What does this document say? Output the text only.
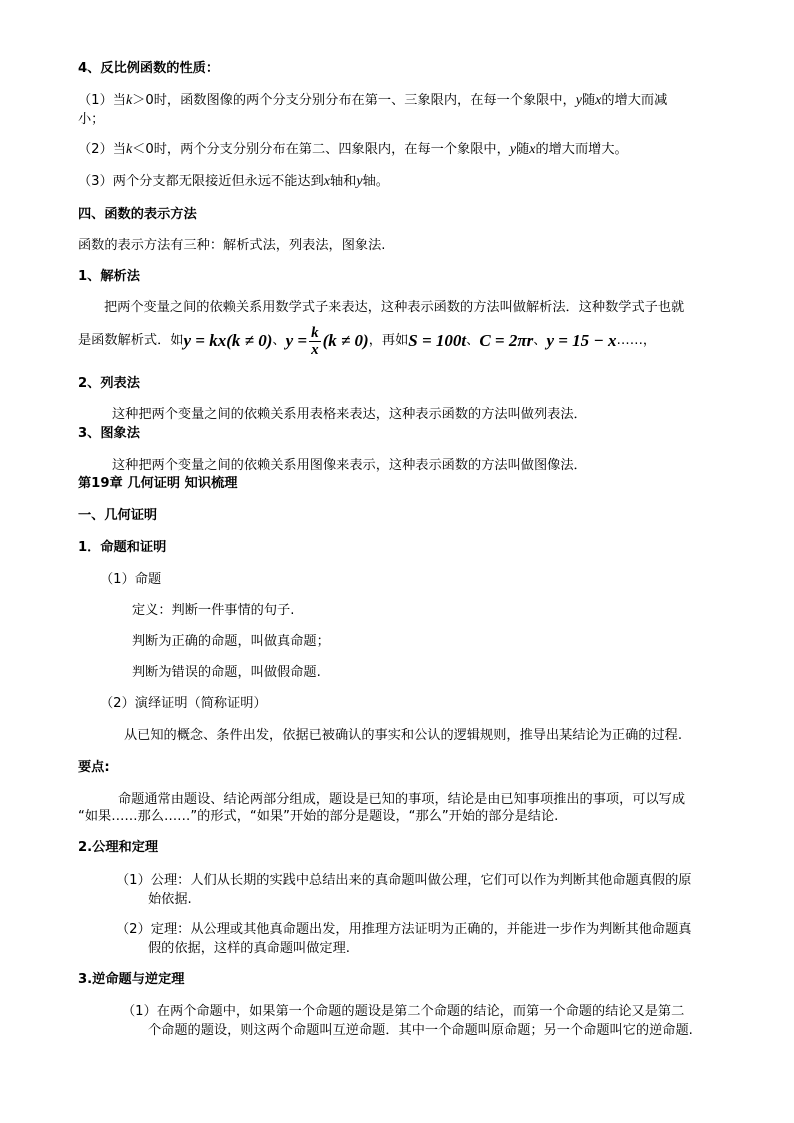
4、反比例函数的性质：
（1）当k＞0时，函数图像的两个分支分别分布在第一、三象限内，在每一个象限中，y随x的增大而减
小；
（2）当k＜0时，两个分支分别分布在第二、四象限内，在每一个象限中，y随x的增大而增大。
（3）两个分支都无限接近但永远不能达到x轴和y轴。
四、函数的表示方法
函数的表示方法有三种：解析式法，列表法，图象法.
1、解析法
把两个变量之间的依赖关系用数学式子来表达，这种表示函数的方法叫做解析法．这种数学式子也就
是函数解析式．如y = kx(k ≠ 0)、$y = \frac{k}{x} (k \ne 0)$，再如S = 100t、C = 2πr、y = 15 − x……，
2、列表法
这种把两个变量之间的依赖关系用表格来表达，这种表示函数的方法叫做列表法．
3、图象法
这种把两个变量之间的依赖关系用图像来表示，这种表示函数的方法叫做图像法．
第19章 几何证明 知识梳理
一、几何证明
1．命题和证明
（1）命题
定义：判断一件事情的句子.
判断为正确的命题，叫做真命题；
判断为错误的命题，叫做假命题.
（2）演绎证明（简称证明）
从已知的概念、条件出发，依据已被确认的事实和公认的逻辑规则，推导出某结论为正确的过程.
要点:
命题通常由题设、结论两部分组成，题设是已知的事项，结论是由已知事项推出的事项，可以写成
“如果……那么……”的形式，“如果”开始的部分是题设，“那么”开始的部分是结论.
2.公理和定理
（1）公理：人们从长期的实践中总结出来的真命题叫做公理，它们可以作为判断其他命题真假的原
始依据.
（2）定理：从公理或其他真命题出发，用推理方法证明为正确的，并能进一步作为判断其他命题真
假的依据，这样的真命题叫做定理.
3.逆命题与逆定理
（1）在两个命题中，如果第一个命题的题设是第二个命题的结论，而第一个命题的结论又是第二
个命题的题设，则这两个命题叫互逆命题．其中一个命题叫原命题；另一个命题叫它的逆命题.
